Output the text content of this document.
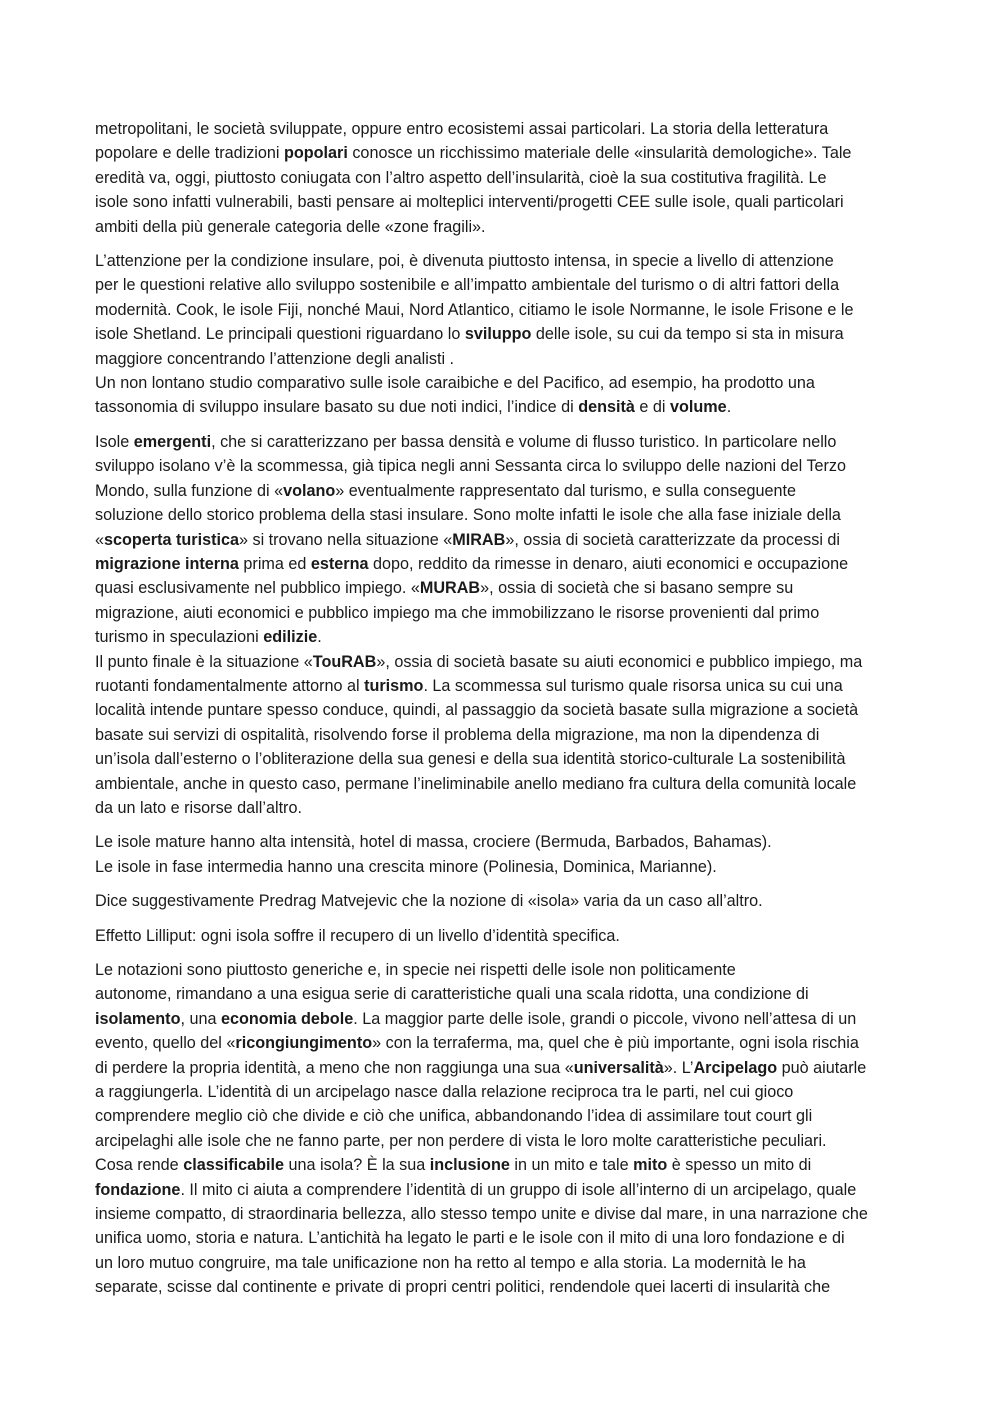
metropolitani, le società sviluppate, oppure entro ecosistemi assai particolari. La storia della letteratura
popolare e delle tradizioni popolari conosce un ricchissimo materiale delle «insularità demologiche». Tale
eredità va, oggi, piuttosto coniugata con l’altro aspetto dell’insularità, cioè la sua costitutiva fragilità. Le
isole sono infatti vulnerabili, basti pensare ai molteplici interventi/progetti CEE sulle isole, quali particolari
ambiti della più generale categoria delle «zone fragili».
L’attenzione per la condizione insulare, poi, è divenuta piuttosto intensa, in specie a livello di attenzione
per le questioni relative allo sviluppo sostenibile e all’impatto ambientale del turismo o di altri fattori della
modernità. Cook, le isole Fiji, nonché Maui, Nord Atlantico, citiamo le isole Normanne, le isole Frisone e le
isole Shetland. Le principali questioni riguardano lo sviluppo delle isole, su cui da tempo si sta in misura
maggiore concentrando l’attenzione degli analisti .
Un non lontano studio comparativo sulle isole caraibiche e del Pacifico, ad esempio, ha prodotto una
tassonomia di sviluppo insulare basato su due noti indici, l’indice di densità e di volume.
Isole emergenti, che si caratterizzano per bassa densità e volume di flusso turistico. In particolare nello
sviluppo isolano v’è la scommessa, già tipica negli anni Sessanta circa lo sviluppo delle nazioni del Terzo
Mondo, sulla funzione di «volano» eventualmente rappresentato dal turismo, e sulla conseguente
soluzione dello storico problema della stasi insulare. Sono molte infatti le isole che alla fase iniziale della
«scoperta turistica» si trovano nella situazione «MIRAB», ossia di società caratterizzate da processi di
migrazione interna prima ed esterna dopo, reddito da rimesse in denaro, aiuti economici e occupazione
quasi esclusivamente nel pubblico impiego. «MURAB», ossia di società che si basano sempre su
migrazione, aiuti economici e pubblico impiego ma che immobilizzano le risorse provenienti dal primo
turismo in speculazioni edilizie.
Il punto finale è la situazione «TouRAB», ossia di società basate su aiuti economici e pubblico impiego, ma
ruotanti fondamentalmente attorno al turismo. La scommessa sul turismo quale risorsa unica su cui una
località intende puntare spesso conduce, quindi, al passaggio da società basate sulla migrazione a società
basate sui servizi di ospitalità, risolvendo forse il problema della migrazione, ma non la dipendenza di
un’isola dall’esterno o l’obliterazione della sua genesi e della sua identità storico-culturale La sostenibilità
ambientale, anche in questo caso, permane l’ineliminabile anello mediano fra cultura della comunità locale
da un lato e risorse dall’altro.
Le isole mature hanno alta intensità, hotel di massa, crociere (Bermuda, Barbados, Bahamas).
Le isole in fase intermedia hanno una crescita minore (Polinesia, Dominica, Marianne).
Dice suggestivamente Predrag Matvejevic che la nozione di «isola» varia da un caso all’altro.
Effetto Lilliput: ogni isola soffre il recupero di un livello d’identità specifica.
Le notazioni sono piuttosto generiche e, in specie nei rispetti delle isole non politicamente
autonome, rimandano a una esigua serie di caratteristiche quali una scala ridotta, una condizione di
isolamento, una economia debole. La maggior parte delle isole, grandi o piccole, vivono nell’attesa di un
evento, quello del «ricongiungimento» con la terraferma, ma, quel che è più importante, ogni isola rischia
di perdere la propria identità, a meno che non raggiunga una sua «universalità». L’Arcipelago può aiutarle
a raggiungerla. L’identità di un arcipelago nasce dalla relazione reciproca tra le parti, nel cui gioco
comprendere meglio ciò che divide e ciò che unifica, abbandonando l’idea di assimilare tout court gli
arcipelaghi alle isole che ne fanno parte, per non perdere di vista le loro molte caratteristiche peculiari.
Cosa rende classificabile una isola? È la sua inclusione in un mito e tale mito è spesso un mito di
fondazione. Il mito ci aiuta a comprendere l’identità di un gruppo di isole all’interno di un arcipelago, quale
insieme compatto, di straordinaria bellezza, allo stesso tempo unite e divise dal mare, in una narrazione che
unifica uomo, storia e natura. L’antichità ha legato le parti e le isole con il mito di una loro fondazione e di
un loro mutuo congruire, ma tale unificazione non ha retto al tempo e alla storia. La modernità le ha
separate, scisse dal continente e private di propri centri politici, rendendole quei lacerti di insularità che
